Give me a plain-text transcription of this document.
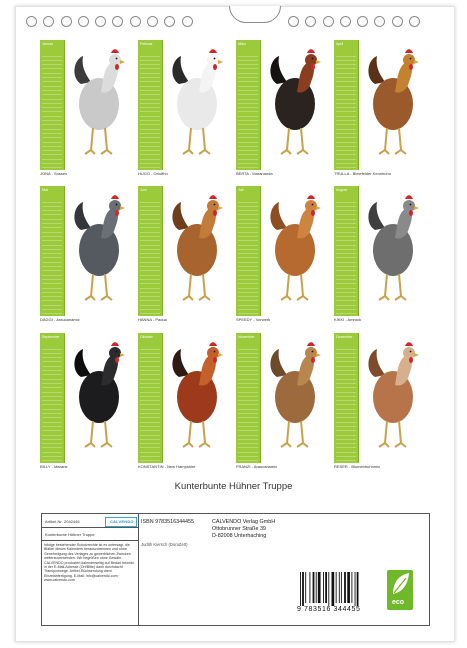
Januar
JONA - Sussex
Februar
HUGO - Orloffhn
März
BERTA - Marananda
April
TRULLA - Bielefelder Kennhuhn
Mai
DAGGI - Araucanamix
Juni
HANNA - Padua
Juli
SPEEDY - Vorwerk
August
KIKKI - Amrock
September
BILLY - Marans
Oktober
KONSTANTIN - New Hampshire
November
FRANZI - Araucanamix
Dezember
RESER - Blumenhuhnmix
Kunterbunte Hühner Truppe
Artikel-Nr. 2042446	CALVENDO
Kunterbunte Hühner Truppe
Infolge bestehender Schutzrechte ist es untersagt, die Blätter dieses Kalenders herauszutrennen und ohne Genehmigung des Verlages zu gewerblichen Zwecken weiterzuverwenden. Wir begrüßen ohne Gewähr. CALVENDO produziert kalenderseitig auf Bedarf bewirkt in der E-Mail-Adresse (Ort/Bitte) dank durchdacht Transportwege. Artikel-Rücksendung dient Einzelanfertigung. E-Mail: info@calvendo.com · www.calvendo.com
ISBN 9783516344455	CALVENDO Verlag GmbH
Ottobrunner Straße 39
D-82008 Unterhaching
Judith Kiersch (DoraZett)
9 783516 344455
eco
